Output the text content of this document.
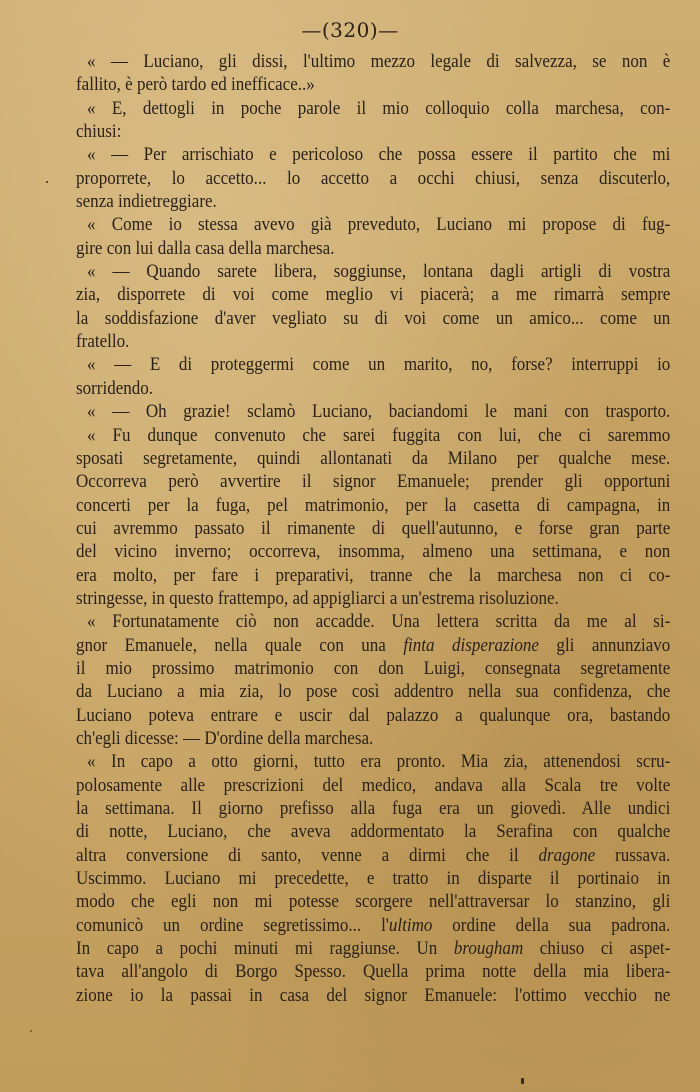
—(320)—
« — Luciano, gli dissi, l'ultimo mezzo legale di salvezza, se non è
fallito, è però tardo ed inefficace..»
« E, dettogli in poche parole il mio colloquio colla marchesa, con-
chiusi:
« — Per arrischiato e pericoloso che possa essere il partito che mi
proporrete, lo accetto... lo accetto a occhi chiusi, senza discuterlo,
senza indietreggiare.
« Come io stessa avevo già preveduto, Luciano mi propose di fug-
gire con lui dalla casa della marchesa.
« — Quando sarete libera, soggiunse, lontana dagli artigli di vostra
zia, disporrete di voi come meglio vi piacerà; a me rimarrà sempre
la soddisfazione d'aver vegliato su di voi come un amico... come un
fratello.
« — E di proteggermi come un marito, no, forse? interruppi io
sorridendo.
« — Oh grazie! sclamò Luciano, baciandomi le mani con trasporto.
« Fu dunque convenuto che sarei fuggita con lui, che ci saremmo
sposati segretamente, quindi allontanati da Milano per qualche mese.
Occorreva però avvertire il signor Emanuele; prender gli opportuni
concerti per la fuga, pel matrimonio, per la casetta di campagna, in
cui avremmo passato il rimanente di quell'autunno, e forse gran parte
del vicino inverno; occorreva, insomma, almeno una settimana, e non
era molto, per fare i preparativi, tranne che la marchesa non ci co-
stringesse, in questo frattempo, ad appigliarci a un'estrema risoluzione.
« Fortunatamente ciò non accadde. Una lettera scritta da me al si-
gnor Emanuele, nella quale con una finta disperazione gli annunziavo
il mio prossimo matrimonio con don Luigi, consegnata segretamente
da Luciano a mia zia, lo pose così addentro nella sua confidenza, che
Luciano poteva entrare e uscir dal palazzo a qualunque ora, bastando
ch'egli dicesse: — D'ordine della marchesa.
« In capo a otto giorni, tutto era pronto. Mia zia, attenendosi scru-
polosamente alle prescrizioni del medico, andava alla Scala tre volte
la settimana. Il giorno prefisso alla fuga era un giovedì. Alle undici
di notte, Luciano, che aveva addormentato la Serafina con qualche
altra conversione di santo, venne a dirmi che il dragone russava.
Uscimmo. Luciano mi precedette, e tratto in disparte il portinaio in
modo che egli non mi potesse scorgere nell'attraversar lo stanzino, gli
comunicò un ordine segretissimo... l'ultimo ordine della sua padrona.
In capo a pochi minuti mi raggiunse. Un brougham chiuso ci aspet-
tava all'angolo di Borgo Spesso. Quella prima notte della mia libera-
zione io la passai in casa del signor Emanuele: l'ottimo vecchio ne
